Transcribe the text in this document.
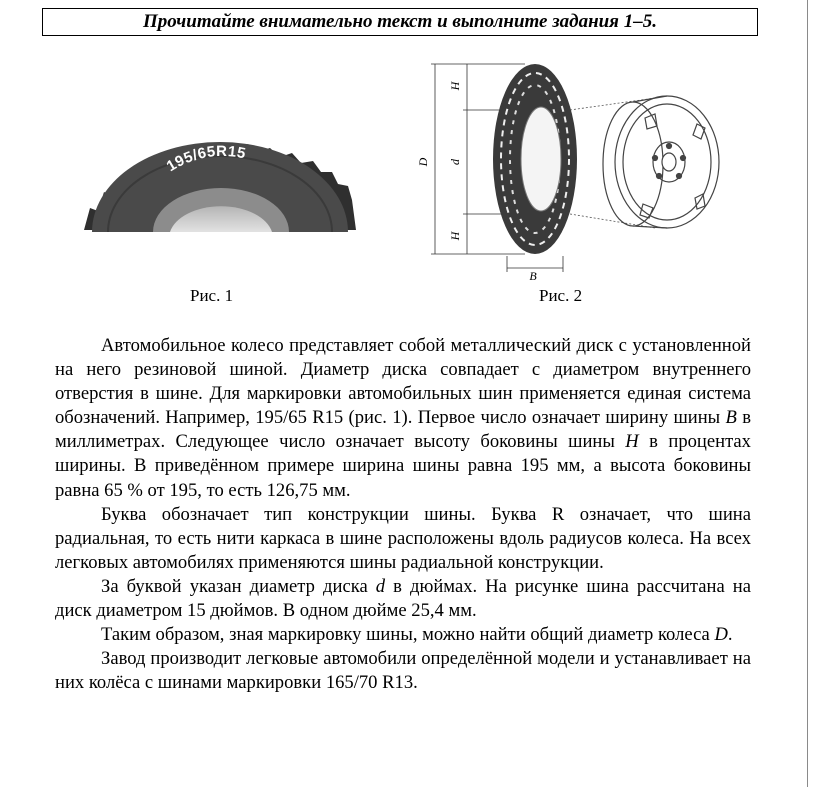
Прочитайте внимательно текст и выполните задания 1–5.
195/65R15
Рис. 1
H
D d
H
B
Рис. 2

Автомобильное колесо представляет собой металлический диск с установленной на него резиновой шиной. Диаметр диска совпадает с диаметром внутреннего отверстия в шине. Для маркировки автомобильных шин применяется единая система обозначений. Например, 195/65 R15 (рис. 1). Первое число означает ширину шины B в миллиметрах. Следующее число означает высоту боковины шины H в процентах ширины. В приведённом примере ширина шины равна 195 мм, а высота боковины равна 65 % от 195, то есть 126,75 мм.

Буква обозначает тип конструкции шины. Буква R означает, что шина радиальная, то есть нити каркаса в шине расположены вдоль радиусов колеса. На всех легковых автомобилях применяются шины радиальной конструкции.

За буквой указан диаметр диска d в дюймах. На рисунке шина рассчитана на диск диаметром 15 дюймов. В одном дюйме 25,4 мм.

Таким образом, зная маркировку шины, можно найти общий диаметр колеса D.

Завод производит легковые автомобили определённой модели и устанавливает на них колёса с шинами маркировки 165/70 R13.
